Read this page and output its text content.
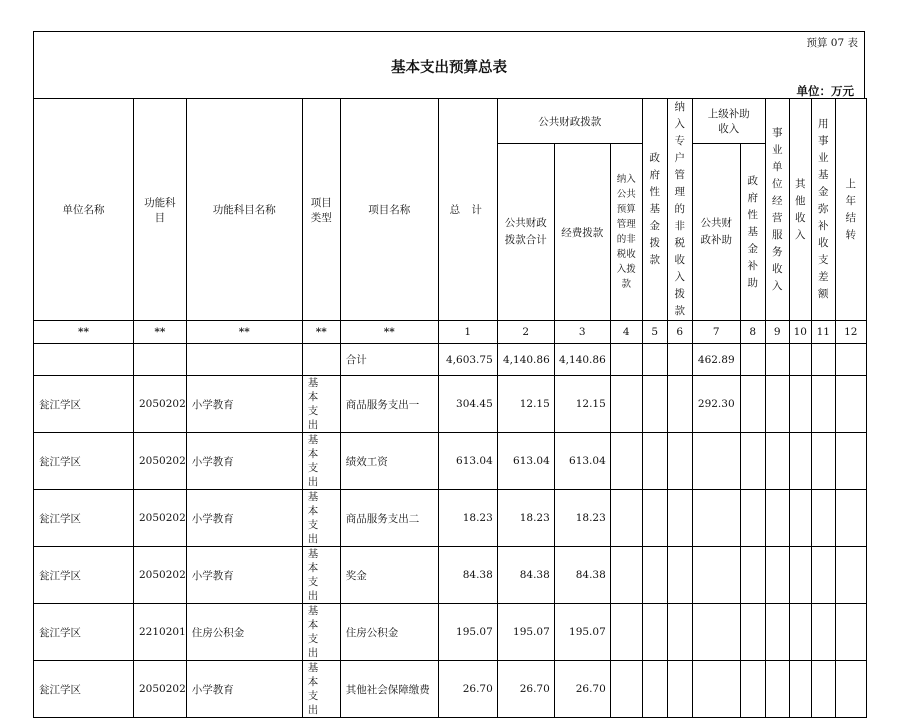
预算 07 表
基本支出预算总表
单位：万元
单位名称	功能科目	功能科目名称	项目类型	项目名称	总 计	公共财政拨款			政府性基金拨款	纳入专户管理的非税收入拨款	上级补助收入		事业单位经营服务收入	其他收入	用事业基金弥补收支差额	上年结转
						公共财政拨款合计	经费拨款	纳入公共预算管理的非税收入拨款			公共财政补助	政府性基金补助				

**	**	**	**	**	1	2	3	4	5	6	7	8	9	10	11	12
				合计	4,603.75	4,140.86	4,140.86				462.89					
瓮江学区	2050202	小学教育	基本支出	商品服务支出一	304.45	12.15	12.15				292.30					
瓮江学区	2050202	小学教育	基本支出	绩效工资	613.04	613.04	613.04									
瓮江学区	2050202	小学教育	基本支出	商品服务支出二	18.23	18.23	18.23									
瓮江学区	2050202	小学教育	基本支出	奖金	84.38	84.38	84.38									
瓮江学区	2210201	住房公积金	基本支出	住房公积金	195.07	195.07	195.07									
瓮江学区	2050202	小学教育	基本支出	其他社会保障缴费	26.70	26.70	26.70									
